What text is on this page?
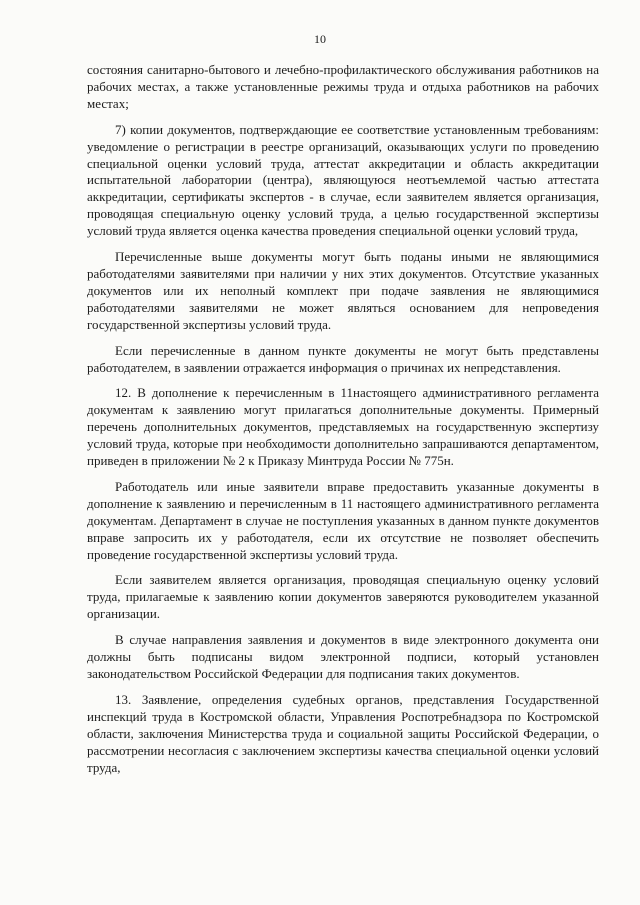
10

состояния санитарно-бытового и лечебно-профилактического обслуживания работников на рабочих местах, а также установленные режимы труда и отдыха работников на рабочих местах;

7) копии документов, подтверждающие ее соответствие установленным требованиям: уведомление о регистрации в реестре организаций, оказывающих услуги по проведению специальной оценки условий труда, аттестат аккредитации и область аккредитации испытательной лаборатории (центра), являющуюся неотъемлемой частью аттестата аккредитации, сертификаты экспертов - в случае, если заявителем является организация, проводящая специальную оценку условий труда, а целью государственной экспертизы условий труда является оценка качества проведения специальной оценки условий труда,

Перечисленные выше документы могут быть поданы иными не являющимися работодателями заявителями при наличии у них этих документов. Отсутствие указанных документов или их неполный комплект при подаче заявления не являющимися работодателями заявителями не может являться основанием для непроведения государственной экспертизы условий труда.

Если перечисленные в данном пункте документы не могут быть представлены работодателем, в заявлении отражается информация о причинах их непредставления.

12. В дополнение к перечисленным в 11настоящего административного регламента документам к заявлению могут прилагаться дополнительные документы. Примерный перечень дополнительных документов, представляемых на государственную экспертизу условий труда, которые при необходимости дополнительно запрашиваются департаментом, приведен в приложении № 2 к Приказу Минтруда России № 775н.

Работодатель или иные заявители вправе предоставить указанные документы в дополнение к заявлению и перечисленным в 11 настоящего административного регламента документам. Департамент в случае не поступления указанных в данном пункте документов вправе запросить их у работодателя, если их отсутствие не позволяет обеспечить проведение государственной экспертизы условий труда.

Если заявителем является организация, проводящая специальную оценку условий труда, прилагаемые к заявлению копии документов заверяются руководителем указанной организации.

В случае направления заявления и документов в виде электронного документа они должны быть подписаны видом электронной подписи, который установлен законодательством Российской Федерации для подписания таких документов.

13. Заявление, определения судебных органов, представления Государственной инспекций труда в Костромской области, Управления Роспотребнадзора по Костромской области, заключения Министерства труда и социальной защиты Российской Федерации, о рассмотрении несогласия с заключением экспертизы качества специальной оценки условий труда,
